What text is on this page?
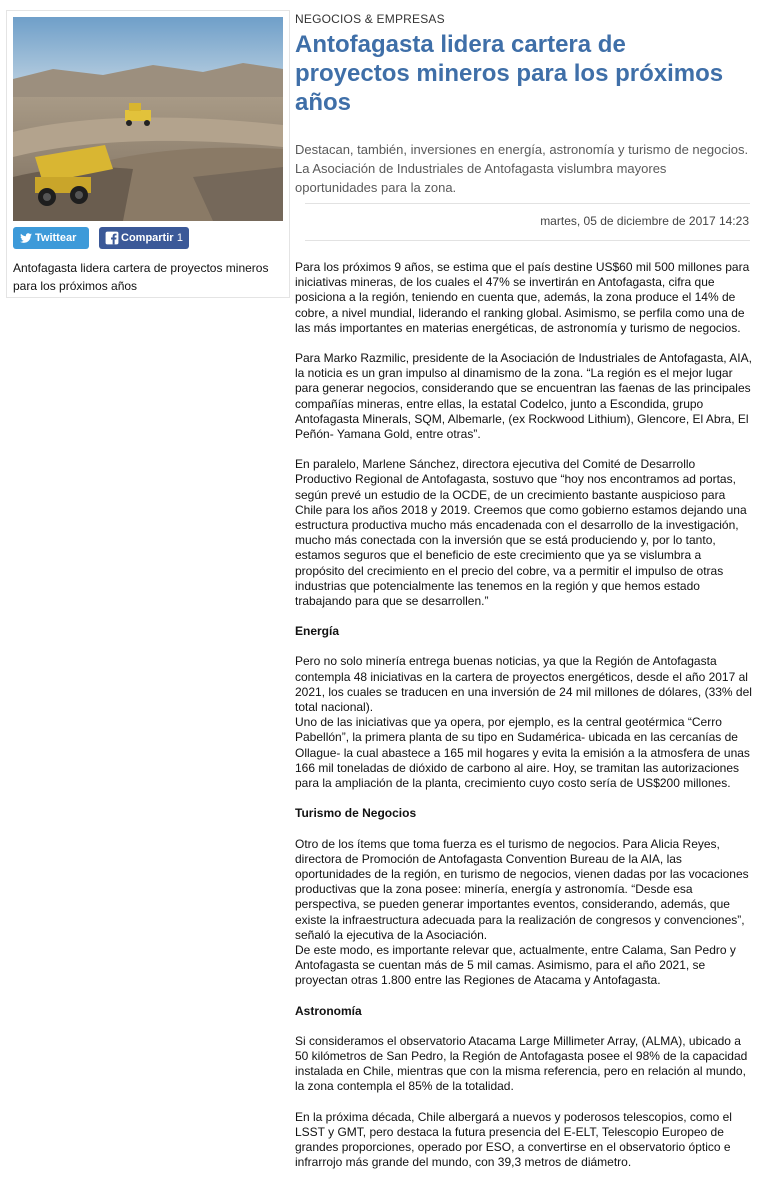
Twittear	Compartir 1
Antofagasta lidera cartera de proyectos mineros para los próximos años
NEGOCIOS & EMPRESAS
Antofagasta lidera cartera de proyectos mineros para los próximos años

Destacan, también, inversiones en energía, astronomía y turismo de negocios. La Asociación de Industriales de Antofagasta vislumbra mayores oportunidades para la zona.

martes, 05 de diciembre de 2017 14:23

Para los próximos 9 años, se estima que el país destine US$60 mil 500 millones para iniciativas mineras, de los cuales el 47% se invertirán en Antofagasta, cifra que posiciona a la región, teniendo en cuenta que, además, la zona produce el 14% de cobre, a nivel mundial, liderando el ranking global. Asimismo, se perfila como una de las más importantes en materias energéticas, de astronomía y turismo de negocios.

Para Marko Razmilic, presidente de la Asociación de Industriales de Antofagasta, AIA, la noticia es un gran impulso al dinamismo de la zona. “La región es el mejor lugar para generar negocios, considerando que se encuentran las faenas de las principales compañías mineras, entre ellas, la estatal Codelco, junto a Escondida, grupo Antofagasta Minerals, SQM, Albemarle, (ex Rockwood Lithium), Glencore, El Abra, El Peñón- Yamana Gold, entre otras”.

En paralelo, Marlene Sánchez, directora ejecutiva del Comité de Desarrollo Productivo Regional de Antofagasta, sostuvo que “hoy nos encontramos ad portas, según prevé un estudio de la OCDE, de un crecimiento bastante auspicioso para Chile para los años 2018 y 2019. Creemos que como gobierno estamos dejando una estructura productiva mucho más encadenada con el desarrollo de la investigación, mucho más conectada con la inversión que se está produciendo y, por lo tanto, estamos seguros que el beneficio de este crecimiento que ya se vislumbra a propósito del crecimiento en el precio del cobre, va a permitir el impulso de otras industrias que potencialmente las tenemos en la región y que hemos estado trabajando para que se desarrollen.”

Energía

Pero no solo minería entrega buenas noticias, ya que la Región de Antofagasta contempla 48 iniciativas en la cartera de proyectos energéticos, desde el año 2017 al 2021, los cuales se traducen en una inversión de 24 mil millones de dólares, (33% del total nacional).
Uno de las iniciativas que ya opera, por ejemplo, es la central geotérmica “Cerro Pabellón”, la primera planta de su tipo en Sudamérica- ubicada en las cercanías de Ollague- la cual abastece a 165 mil hogares y evita la emisión a la atmosfera de unas 166 mil toneladas de dióxido de carbono al aire. Hoy, se tramitan las autorizaciones para la ampliación de la planta, crecimiento cuyo costo sería de US$200 millones.

Turismo de Negocios

Otro de los ítems que toma fuerza es el turismo de negocios. Para Alicia Reyes, directora de Promoción de Antofagasta Convention Bureau de la AIA, las oportunidades de la región, en turismo de negocios, vienen dadas por las vocaciones productivas que la zona posee: minería, energía y astronomía. “Desde esa perspectiva, se pueden generar importantes eventos, considerando, además, que existe la infraestructura adecuada para la realización de congresos y convenciones”, señaló la ejecutiva de la Asociación.
De este modo, es importante relevar que, actualmente, entre Calama, San Pedro y Antofagasta se cuentan más de 5 mil camas. Asimismo, para el año 2021, se proyectan otras 1.800 entre las Regiones de Atacama y Antofagasta.

Astronomía

Si consideramos el observatorio Atacama Large Millimeter Array, (ALMA), ubicado a 50 kilómetros de San Pedro, la Región de Antofagasta posee el 98% de la capacidad instalada en Chile, mientras que con la misma referencia, pero en relación al mundo, la zona contempla el 85% de la totalidad.

En la próxima década, Chile albergará a nuevos y poderosos telescopios, como el LSST y GMT, pero destaca la futura presencia del E-ELT, Telescopio Europeo de grandes proporciones, operado por ESO, a convertirse en el observatorio óptico e infrarrojo más grande del mundo, con 39,3 metros de diámetro.
